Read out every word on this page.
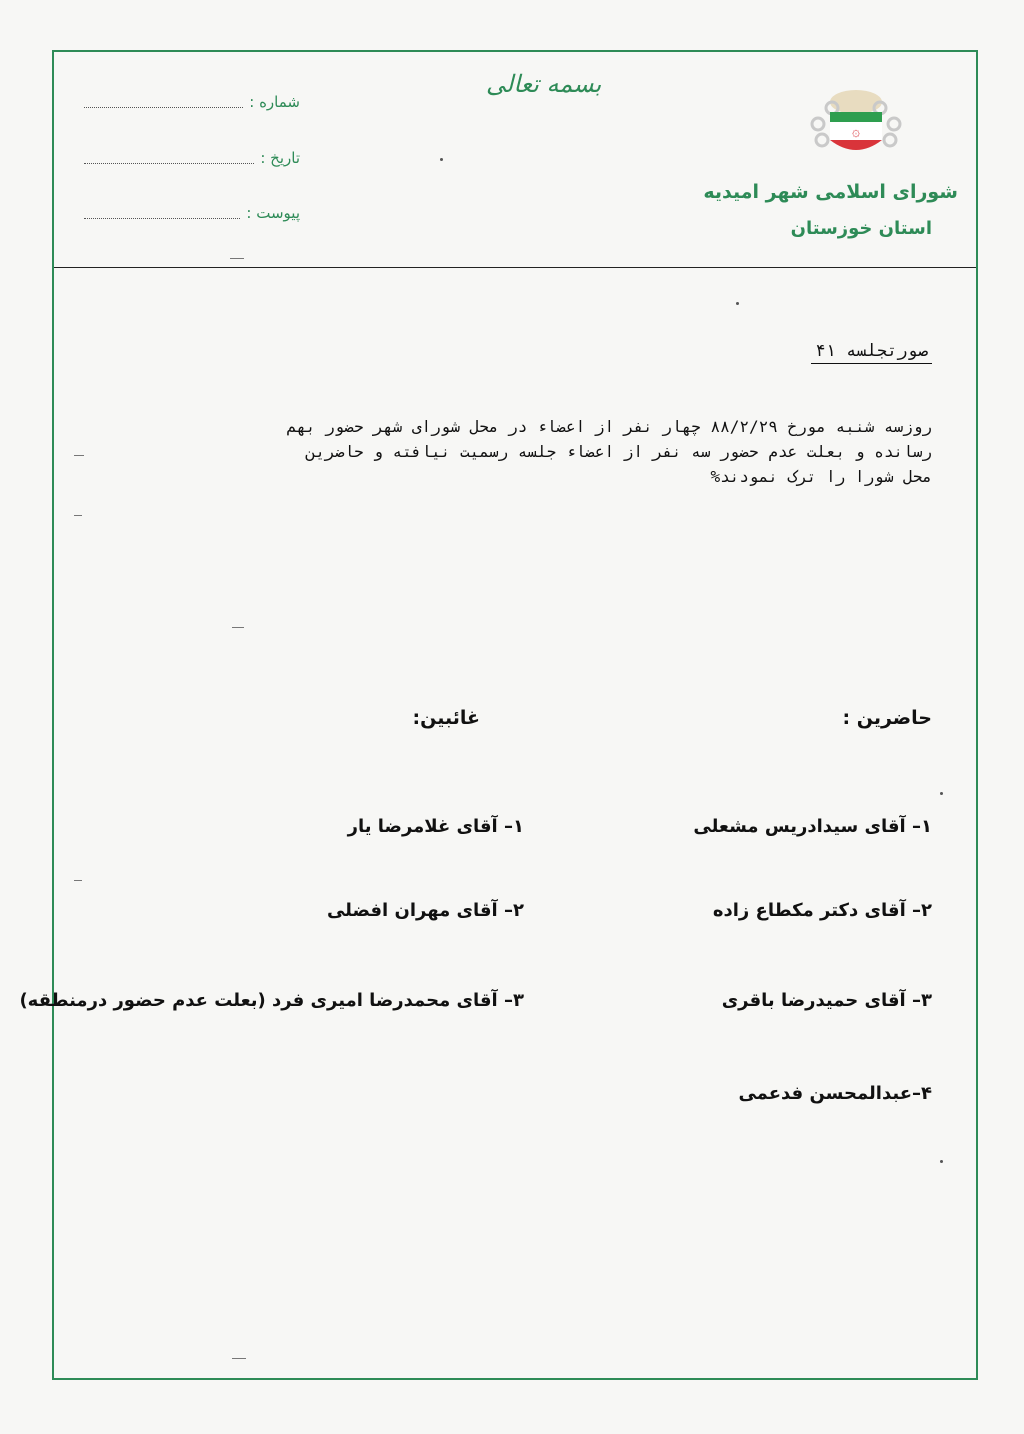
شماره :
تاریخ :
پیوست :
بسمه تعالی
۞
شورای اسلامی شهر امیدیه
استان خوزستان
صورتجلسه ۴۱

روزسه شنبه مورخ ۸۸/۲/۲۹ چهار نفر از اعضاء در محل شورای شهر حضور بهم

رسانده و بعلت عدم حضور سه نفر از اعضاء جلسه رسمیت نیافته و حاضرین

محل شورا را ترک نمودند%

حاضرین :
۱– آقای سیدادریس مشعلی
۲– آقای دکتر مکطاع زاده
۳– آقای حمیدرضا باقری
۴–عبدالمحسن فدعمی
غائبین:
۱– آقای غلامرضا یار
۲– آقای مهران افضلی
۳– آقای محمدرضا امیری فرد (بعلت عدم حضور درمنطقه)
